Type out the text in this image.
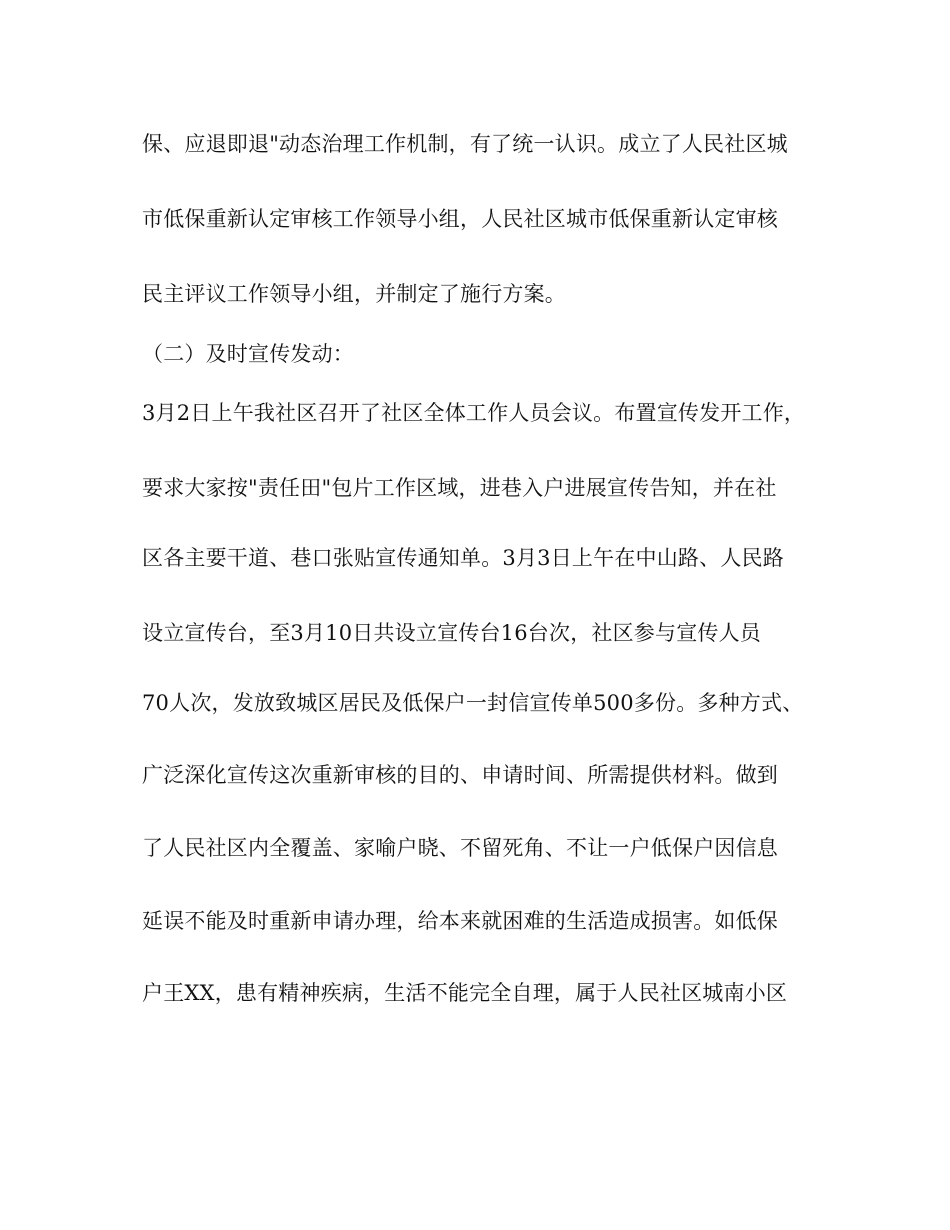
保、应退即退"动态治理工作机制，有了统一认识。成立了人民社区城
市低保重新认定审核工作领导小组，人民社区城市低保重新认定审核
民主评议工作领导小组，并制定了施行方案。
（二）及时宣传发动：
3月2日上午我社区召开了社区全体工作人员会议。布置宣传发开工作，
要求大家按"责任田"包片工作区域，进巷入户进展宣传告知，并在社
区各主要干道、巷口张贴宣传通知单。3月3日上午在中山路、人民路
设立宣传台，至3月10日共设立宣传台16台次，社区参与宣传人员
70人次，发放致城区居民及低保户一封信宣传单500多份。多种方式、
广泛深化宣传这次重新审核的目的、申请时间、所需提供材料。做到
了人民社区内全覆盖、家喻户晓、不留死角、不让一户低保户因信息
延误不能及时重新申请办理，给本来就困难的生活造成损害。如低保
户王XX，患有精神疾病，生活不能完全自理，属于人民社区城南小区
